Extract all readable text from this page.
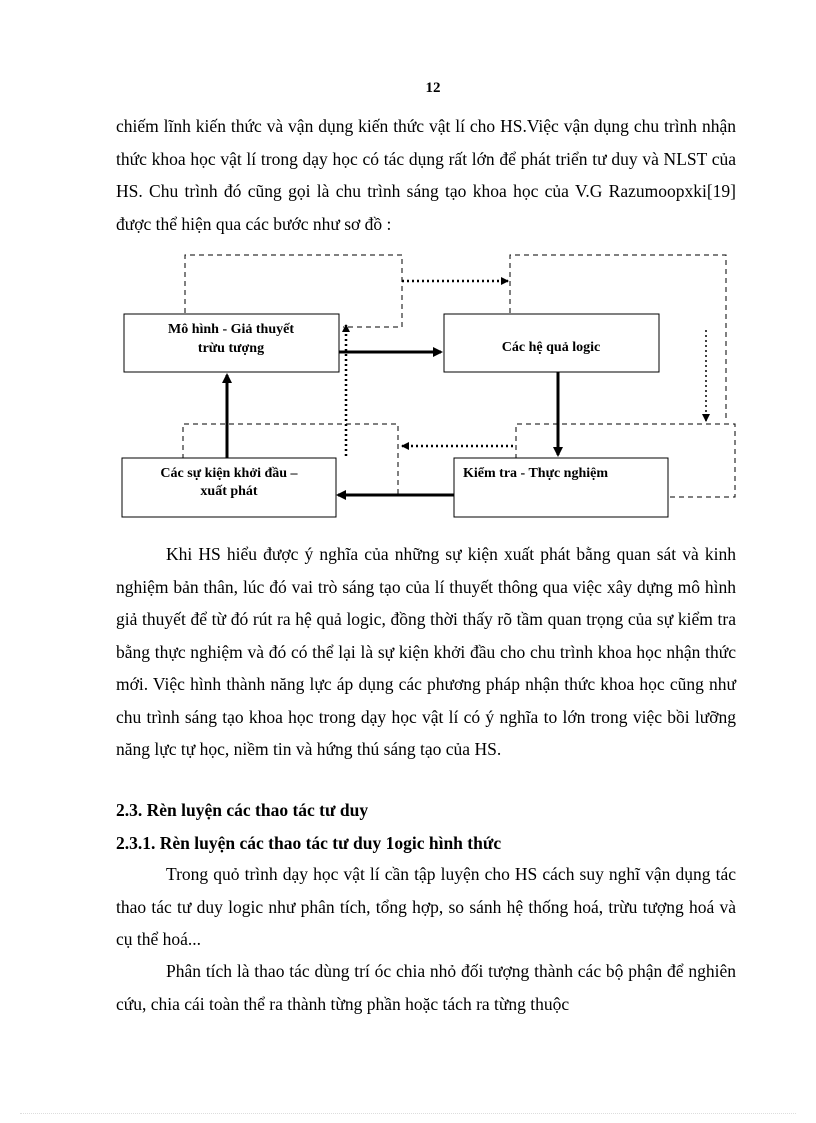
12

chiếm lĩnh kiến thức và vận dụng kiến thức vật lí cho HS.Việc vận dụng chu trình nhận thức khoa học vật lí trong dạy học có tác dụng rất lớn để phát triển tư duy và NLST của HS. Chu trình đó cũng gọi là chu trình sáng tạo khoa học của V.G Razumoopxki[19] được thể hiện qua các bước như sơ đồ :

Mô hình - Giả thuyết
trừu tượng	Các hệ quả logic
Các sự kiện khởi đầu –
xuất phát
Kiểm tra - Thực nghiệm

Khi HS hiểu được ý nghĩa của những sự kiện xuất phát bằng quan sát và kinh nghiệm bản thân, lúc đó vai trò sáng tạo của lí thuyết thông qua việc xây dựng mô hình giả thuyết để từ đó rút ra hệ quả logic, đồng thời thấy rõ tầm quan trọng của sự kiểm tra bằng thực nghiệm và đó có thể lại là sự kiện khởi đầu cho chu trình khoa học nhận thức mới. Việc hình thành năng lực áp dụng các phương pháp nhận thức khoa học cũng như chu trình sáng tạo khoa học trong dạy học vật lí có ý nghĩa to lớn trong việc bồi lưỡng năng lực tự học, niềm tin và hứng thú sáng tạo của HS.

2.3. Rèn luyện các thao tác tư duy
2.3.1. Rèn luyện các thao tác tư duy 1ogic hình thức

Trong quỏ trình dạy học vật lí cần tập luyện cho HS cách suy nghĩ vận dụng tác thao tác tư duy logic như phân tích, tổng hợp, so sánh hệ thống hoá, trừu tượng hoá và cụ thể hoá...

Phân tích là thao tác dùng trí óc chia nhỏ đối tượng thành các bộ phận để nghiên cứu, chia cái toàn thể ra thành từng phần hoặc tách ra từng thuộc
